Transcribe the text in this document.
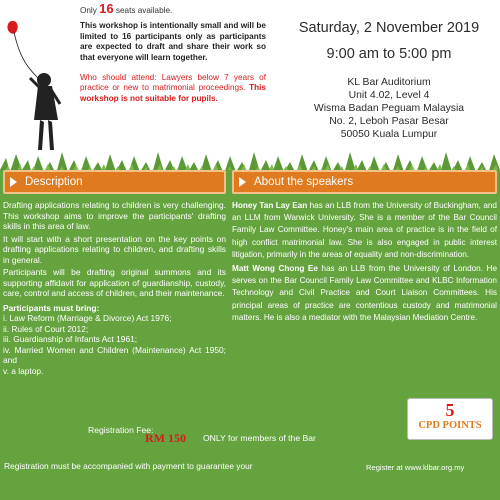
Only 16 seats available.

This workshop is intentionally small and will be limited to 16 participants only as participants are expected to draft and share their work so that everyone will learn together.

Who should attend: Lawyers below 7 years of practice or new to matrimonial proceedings. This workshop is not suitable for pupils.

Saturday, 2 November 2019
9:00 am to 5:00 pm
KL Bar Auditorium
Unit 4.02, Level 4
Wisma Badan Peguam Malaysia
No. 2, Leboh Pasar Besar
50050 Kuala Lumpur
Description

Drafting applications relating to children is very challenging. This workshop aims to improve the participants' drafting skills in this area of law.

It will start with a short presentation on the key points on drafting applications relating to children, and drafting skills in general.

Participants will be drafting original summons and its supporting affidavit for application of guardianship, custody, care, control and access of children, and their maintenance.

Participants must bring:
i. Law Reform (Marriage & Divorce) Act 1976;
ii. Rules of Court 2012;
iii. Guardianship of Infants Act 1961;
iv. Married Women and Children (Maintenance) Act 1950; and
v. a laptop.
About the speakers

Honey Tan Lay Ean has an LLB from the University of Buckingham, and an LLM from Warwick University. She is a member of the Bar Council Family Law Committee. Honey's main area of practice is in the field of high conflict matrimonial law. She is also engaged in public interest litigation, primarily in the areas of equality and non-discrimination.

Matt Wong Chong Ee has an LLB from the University of London. He serves on the Bar Council Family Law Committee and KLBC Information Technology and Civil Practice and Court Liaison Committees. His principal areas of practice are contentious custody and matrimonial matters. He is also a mediator with the Malaysian Mediation Centre.

5
CPD POINTS
Registration Fee:
RM 150 ONLY for members of the Bar
Registration must be accompanied with payment to guarantee your	Register at www.klbar.org.my
